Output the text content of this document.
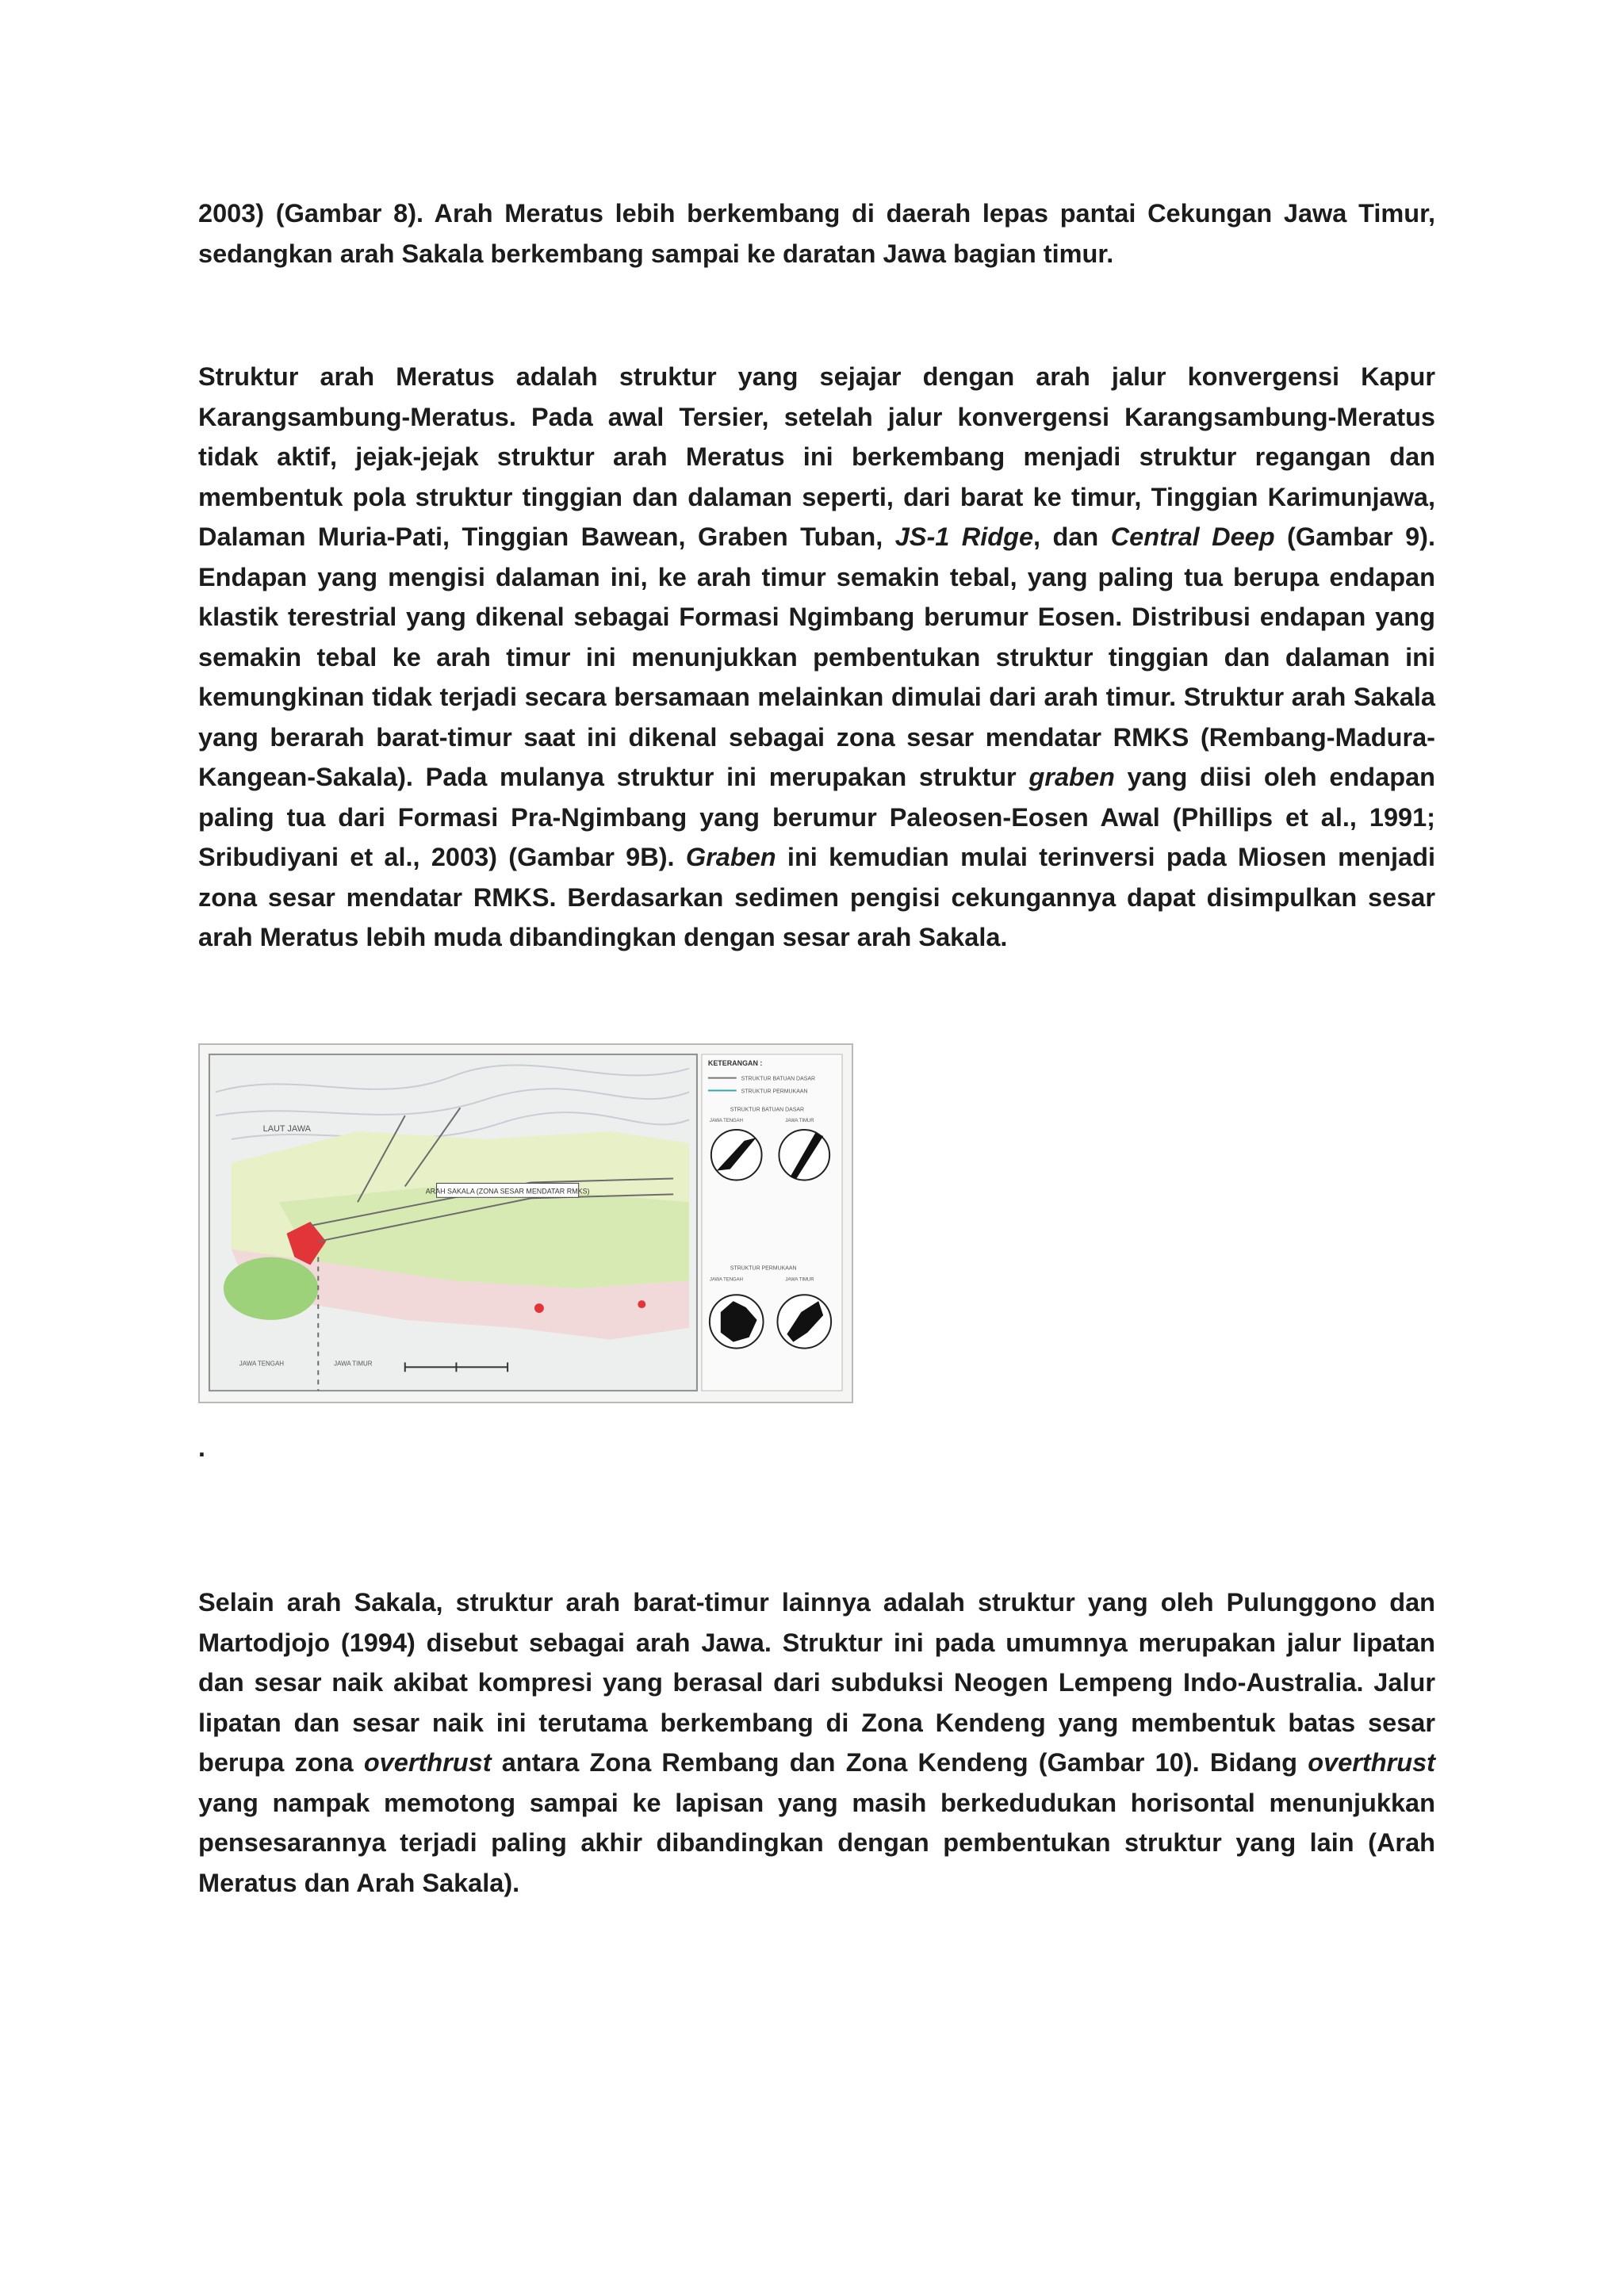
2003) (Gambar 8). Arah Meratus lebih berkembang di daerah lepas pantai Cekungan Jawa Timur, sedangkan arah Sakala berkembang sampai ke daratan Jawa bagian timur.

Struktur arah Meratus adalah struktur yang sejajar dengan arah jalur konvergensi Kapur Karangsambung-Meratus. Pada awal Tersier, setelah jalur konvergensi Karangsambung-Meratus tidak aktif, jejak-jejak struktur arah Meratus ini berkembang menjadi struktur regangan dan membentuk pola struktur tinggian dan dalaman seperti, dari barat ke timur, Tinggian Karimunjawa, Dalaman Muria-Pati, Tinggian Bawean, Graben Tuban, JS-1 Ridge, dan Central Deep (Gambar 9). Endapan yang mengisi dalaman ini, ke arah timur semakin tebal, yang paling tua berupa endapan klastik terestrial yang dikenal sebagai Formasi Ngimbang berumur Eosen. Distribusi endapan yang semakin tebal ke arah timur ini menunjukkan pembentukan struktur tinggian dan dalaman ini kemungkinan tidak terjadi secara bersamaan melainkan dimulai dari arah timur. Struktur arah Sakala yang berarah barat-timur saat ini dikenal sebagai zona sesar mendatar RMKS (Rembang-Madura-Kangean-Sakala). Pada mulanya struktur ini merupakan struktur graben yang diisi oleh endapan paling tua dari Formasi Pra-Ngimbang yang berumur Paleosen-Eosen Awal (Phillips et al., 1991; Sribudiyani et al., 2003) (Gambar 9B). Graben ini kemudian mulai terinversi pada Miosen menjadi zona sesar mendatar RMKS. Berdasarkan sedimen pengisi cekungannya dapat disimpulkan sesar arah Meratus lebih muda dibandingkan dengan sesar arah Sakala.

ARAH SAKALA (ZONA SESAR MENDATAR RMKS)
LAUT JAWA
JAWA TENGAH	JAWA TIMUR
KETERANGAN :
STRUKTUR BATUAN DASAR
STRUKTUR PERMUKAAN
STRUKTUR BATUAN DASAR
JAWA TENGAH	JAWA TIMUR
STRUKTUR PERMUKAAN
JAWA TENGAH	JAWA TIMUR
.

Selain arah Sakala, struktur arah barat-timur lainnya adalah struktur yang oleh Pulunggono dan Martodjojo (1994) disebut sebagai arah Jawa. Struktur ini pada umumnya merupakan jalur lipatan dan sesar naik akibat kompresi yang berasal dari subduksi Neogen Lempeng Indo-Australia. Jalur lipatan dan sesar naik ini terutama berkembang di Zona Kendeng yang membentuk batas sesar berupa zona overthrust antara Zona Rembang dan Zona Kendeng (Gambar 10). Bidang overthrust yang nampak memotong sampai ke lapisan yang masih berkedudukan horisontal menunjukkan pensesarannya terjadi paling akhir dibandingkan dengan pembentukan struktur yang lain (Arah Meratus dan Arah Sakala).
